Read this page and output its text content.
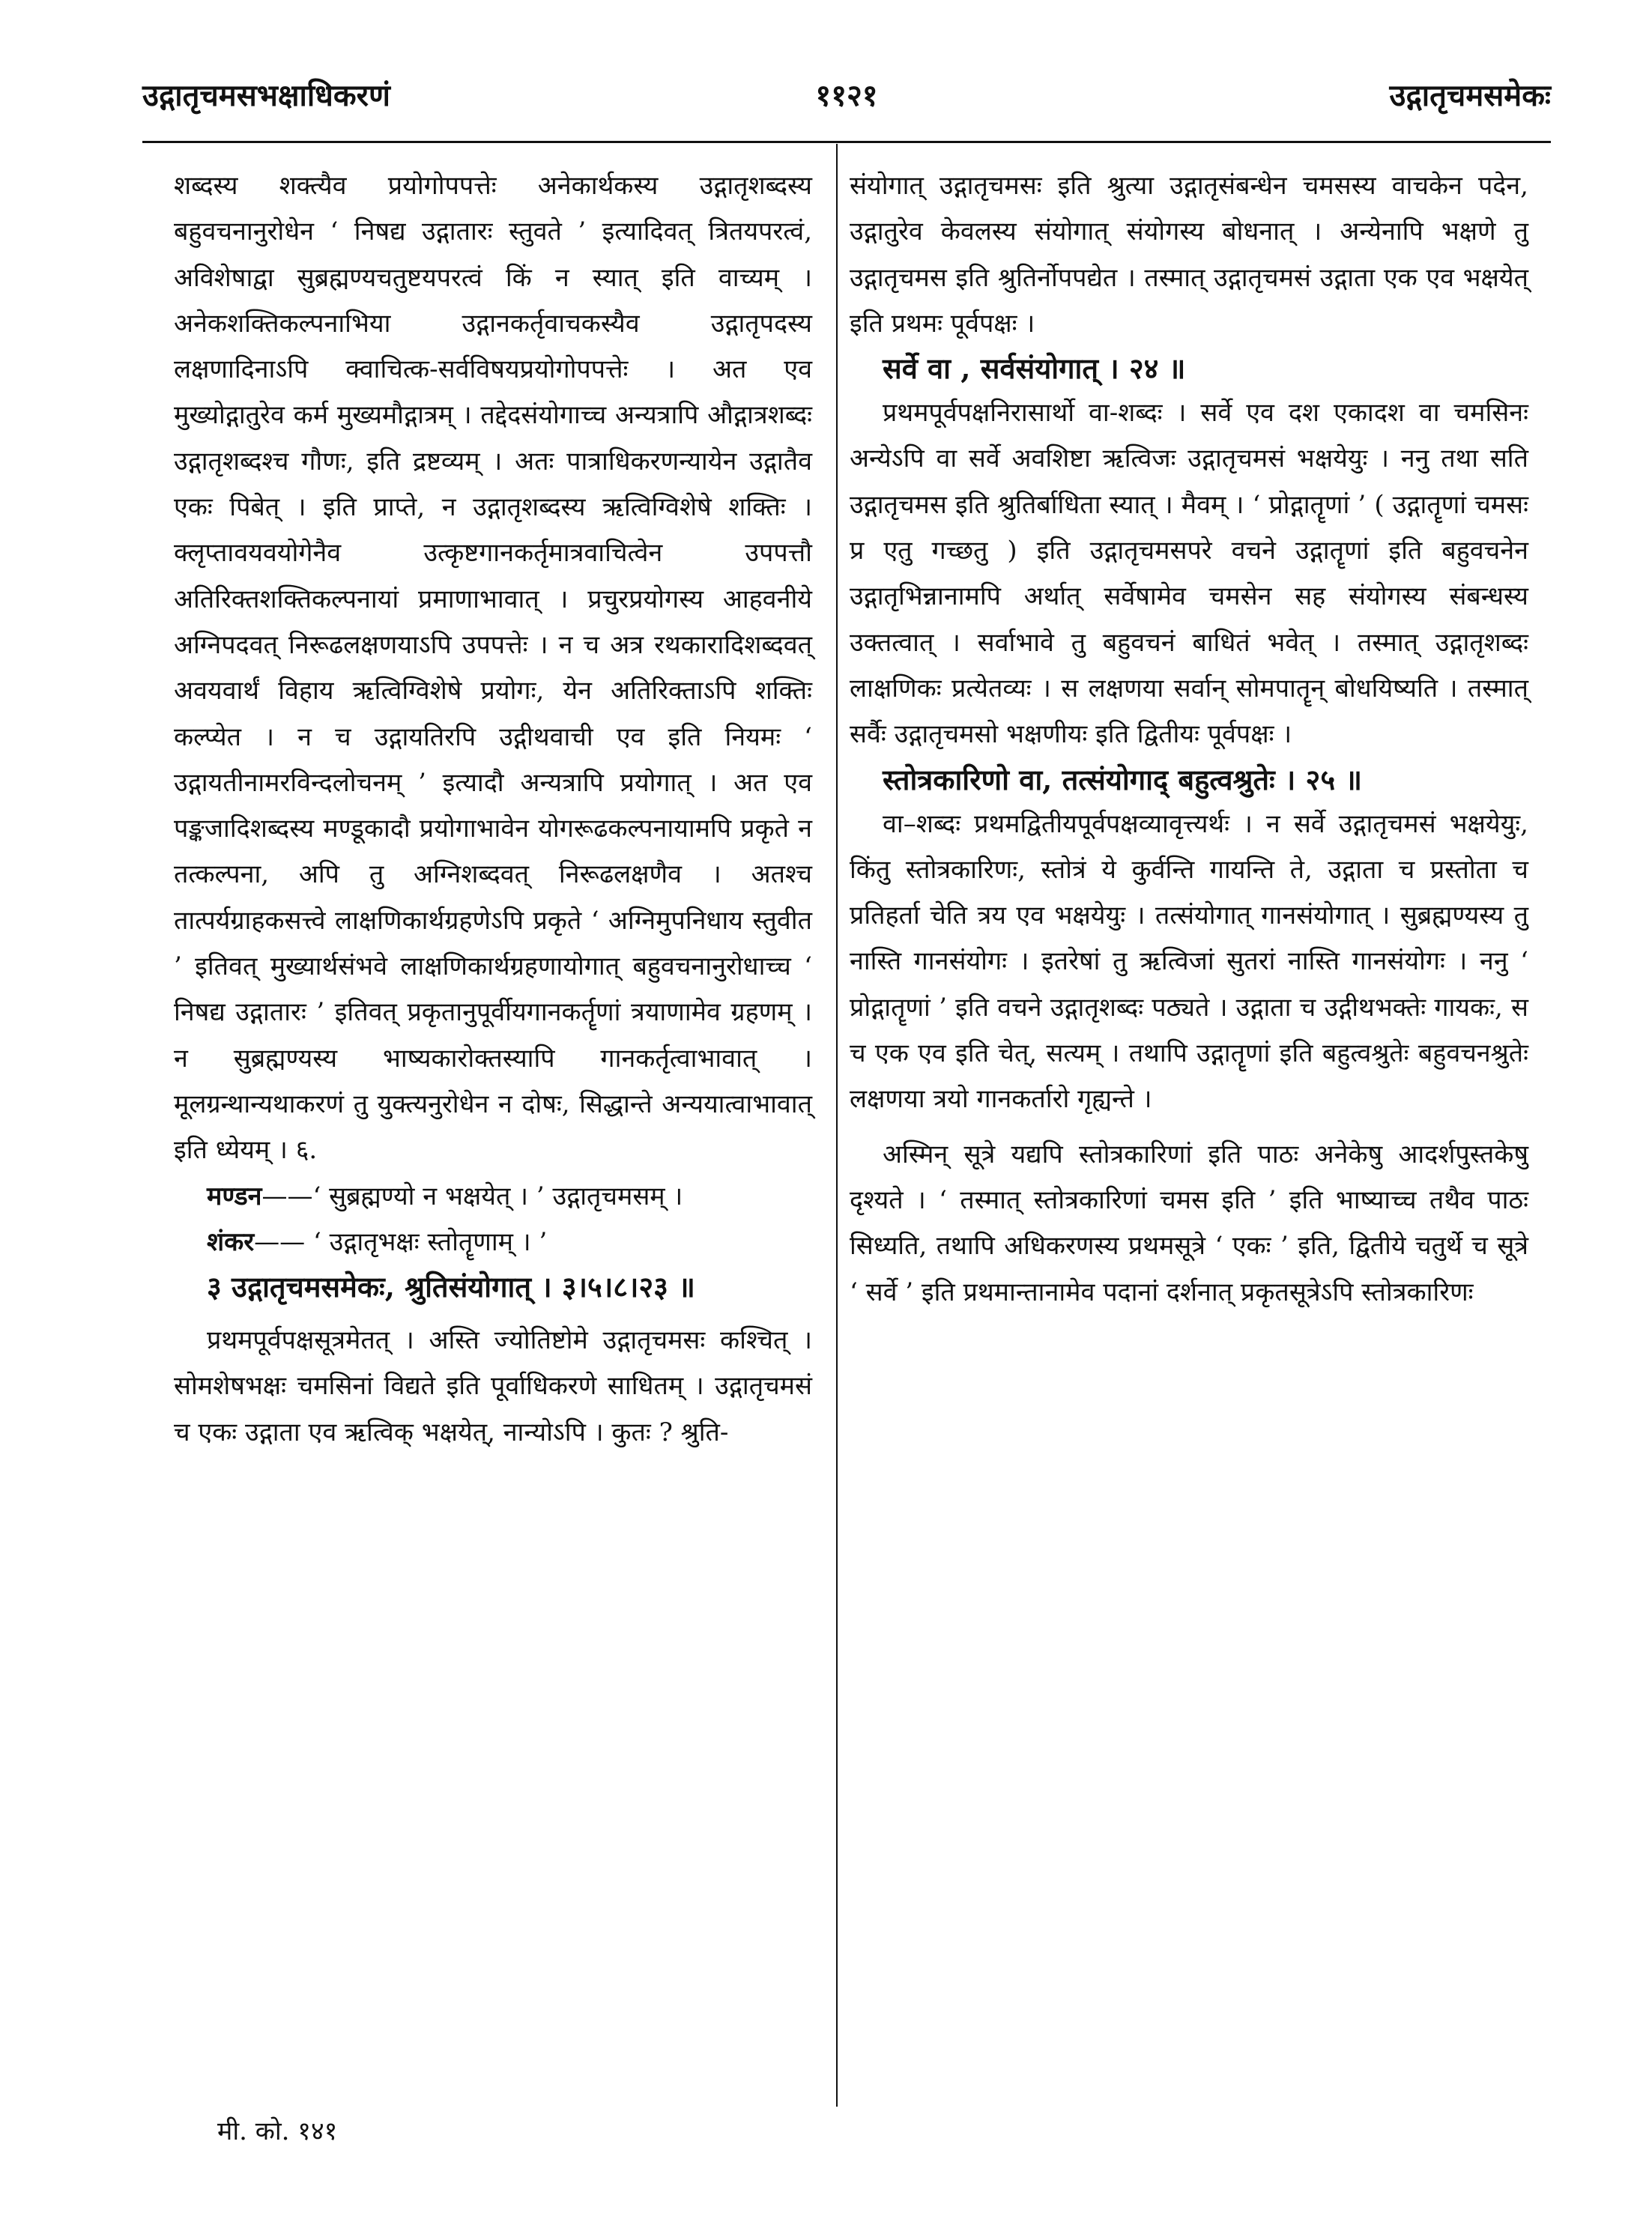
उद्गातृचमसभक्षाधिकरणं	११२१	उद्गातृचमसमेकः

शब्दस्य शक्त्यैव प्रयोगोपपत्तेः अनेकार्थकस्य उद्गातृशब्दस्य बहुवचनानुरोधेन ‘ निषद्य उद्गातारः स्तुवते ’ इत्यादिवत् त्रितयपरत्वं, अविशेषाद्वा सुब्रह्मण्यचतुष्टयपरत्वं किं न स्यात् इति वाच्यम् । अनेकशक्तिकल्पनाभिया उद्गानकर्तृवाचकस्यैव उद्गातृपदस्य लक्षणादिनाऽपि क्वाचित्क-सर्वविषयप्रयोगोपपत्तेः । अत एव मुख्योद्गातुरेव कर्म मुख्यमौद्गात्रम् । तद्देदसंयोगाच्च अन्यत्रापि औद्गात्रशब्दः उद्गातृशब्दश्च गौणः, इति द्रष्टव्यम् । अतः पात्राधिकरणन्यायेन उद्गातैव एकः पिबेत् । इति प्राप्ते, न उद्गातृशब्दस्य ऋत्विग्विशेषे शक्तिः । क्लृप्तावयवयोगेनैव उत्कृष्टगानकर्तृमात्रवाचित्वेन उपपत्तौ अतिरिक्तशक्तिकल्पनायां प्रमाणाभावात् । प्रचुरप्रयोगस्य आहवनीये अग्निपदवत् निरूढलक्षणयाऽपि उपपत्तेः । न च अत्र रथकारादिशब्दवत् अवयवार्थं विहाय ऋत्विग्विशेषे प्रयोगः, येन अतिरिक्ताऽपि शक्तिः कल्प्येत । न च उद्गायतिरपि उद्गीथवाची एव इति नियमः ‘ उद्गायतीनामरविन्दलोचनम् ’ इत्यादौ अन्यत्रापि प्रयोगात् । अत एव पङ्कजादिशब्दस्य मण्डूकादौ प्रयोगाभावेन योगरूढकल्पनायामपि प्रकृते न तत्कल्पना, अपि तु अग्निशब्दवत् निरूढलक्षणैव । अतश्च तात्पर्यग्राहकसत्त्वे लाक्षणिकार्थग्रहणेऽपि प्रकृते ‘ अग्निमुपनिधाय स्तुवीत ’ इतिवत् मुख्यार्थसंभवे लाक्षणिकार्थग्रहणायोगात् बहुवचनानुरोधाच्च ‘ निषद्य उद्गातारः ’ इतिवत् प्रकृतानुपूर्वीयगानकर्तॄणां त्रयाणामेव ग्रहणम् । न सुब्रह्मण्यस्य भाष्यकारोक्तस्यापि गानकर्तृत्वाभावात् । मूलग्रन्थान्यथाकरणं तु युक्त्यनुरोधेन न दोषः, सिद्धान्ते अन्ययात्वाभावात् इति ध्येयम् । ६.

मण्डन——‘ सुब्रह्मण्यो न भक्षयेत् । ’ उद्गातृचमसम् ।

शंकर—— ‘ उद्गातृभक्षः स्तोतॄणाम् । ’

३ उद्गातृचमसमेकः, श्रुतिसंयोगात् । ३।५।८।२३ ॥

प्रथमपूर्वपक्षसूत्रमेतत् । अस्ति ज्योतिष्टोमे उद्गातृचमसः कश्चित् । सोमशेषभक्षः चमसिनां विद्यते इति पूर्वाधिकरणे साधितम् । उद्गातृचमसं च एकः उद्गाता एव ऋत्विक् भक्षयेत्, नान्योऽपि । कुतः ? श्रुति-

संयोगात् उद्गातृचमसः इति श्रुत्या उद्गातृसंबन्धेन चमसस्य वाचकेन पदेन, उद्गातुरेव केवलस्य संयोगात् संयोगस्य बोधनात् । अन्येनापि भक्षणे तु उद्गातृचमस इति श्रुतिर्नोपपद्येत । तस्मात् उद्गातृचमसं उद्गाता एक एव भक्षयेत् इति प्रथमः पूर्वपक्षः ।

सर्वे वा , सर्वसंयोगात् । २४ ॥

प्रथमपूर्वपक्षनिरासार्थो वा-शब्दः । सर्वे एव दश एकादश वा चमसिनः अन्येऽपि वा सर्वे अवशिष्टा ऋत्विजः उद्गातृचमसं भक्षयेयुः । ननु तथा सति उद्गातृचमस इति श्रुतिर्बाधिता स्यात् । मैवम् । ‘ प्रोद्गातॄणां ’ ( उद्गातॄणां चमसः प्र एतु गच्छतु ) इति उद्गातृचमसपरे वचने उद्गातॄणां इति बहुवचनेन उद्गातृभिन्नानामपि अर्थात् सर्वेषामेव चमसेन सह संयोगस्य संबन्धस्य उक्तत्वात् । सर्वाभावे तु बहुवचनं बाधितं भवेत् । तस्मात् उद्गातृशब्दः लाक्षणिकः प्रत्येतव्यः । स लक्षणया सर्वान् सोमपातॄन् बोधयिष्यति । तस्मात् सर्वैः उद्गातृचमसो भक्षणीयः इति द्वितीयः पूर्वपक्षः ।

स्तोत्रकारिणो वा, तत्संयोगाद् बहुत्वश्रुतेः । २५ ॥

वा–शब्दः प्रथमद्वितीयपूर्वपक्षव्यावृत्त्यर्थः । न सर्वे उद्गातृचमसं भक्षयेयुः, किंतु स्तोत्रकारिणः, स्तोत्रं ये कुर्वन्ति गायन्ति ते, उद्गाता च प्रस्तोता च प्रतिहर्ता चेति त्रय एव भक्षयेयुः । तत्संयोगात् गानसंयोगात् । सुब्रह्मण्यस्य तु नास्ति गानसंयोगः । इतरेषां तु ऋत्विजां सुतरां नास्ति गानसंयोगः । ननु ‘ प्रोद्गातॄणां ’ इति वचने उद्गातृशब्दः पठ्यते । उद्गाता च उद्गीथभक्तेः गायकः, स च एक एव इति चेत्, सत्यम् । तथापि उद्गातॄणां इति बहुत्वश्रुतेः बहुवचनश्रुतेः लक्षणया त्रयो गानकर्तारो गृह्यन्ते ।

अस्मिन् सूत्रे यद्यपि स्तोत्रकारिणां इति पाठः अनेकेषु आदर्शपुस्तकेषु दृश्यते । ‘ तस्मात् स्तोत्रकारिणां चमस इति ’ इति भाष्याच्च तथैव पाठः सिध्यति, तथापि अधिकरणस्य प्रथमसूत्रे ‘ एकः ’ इति, द्वितीये चतुर्थे च सूत्रे ‘ सर्वे ’ इति प्रथमान्तानामेव पदानां दर्शनात् प्रकृतसूत्रेऽपि स्तोत्रकारिणः

मी. को. १४१
